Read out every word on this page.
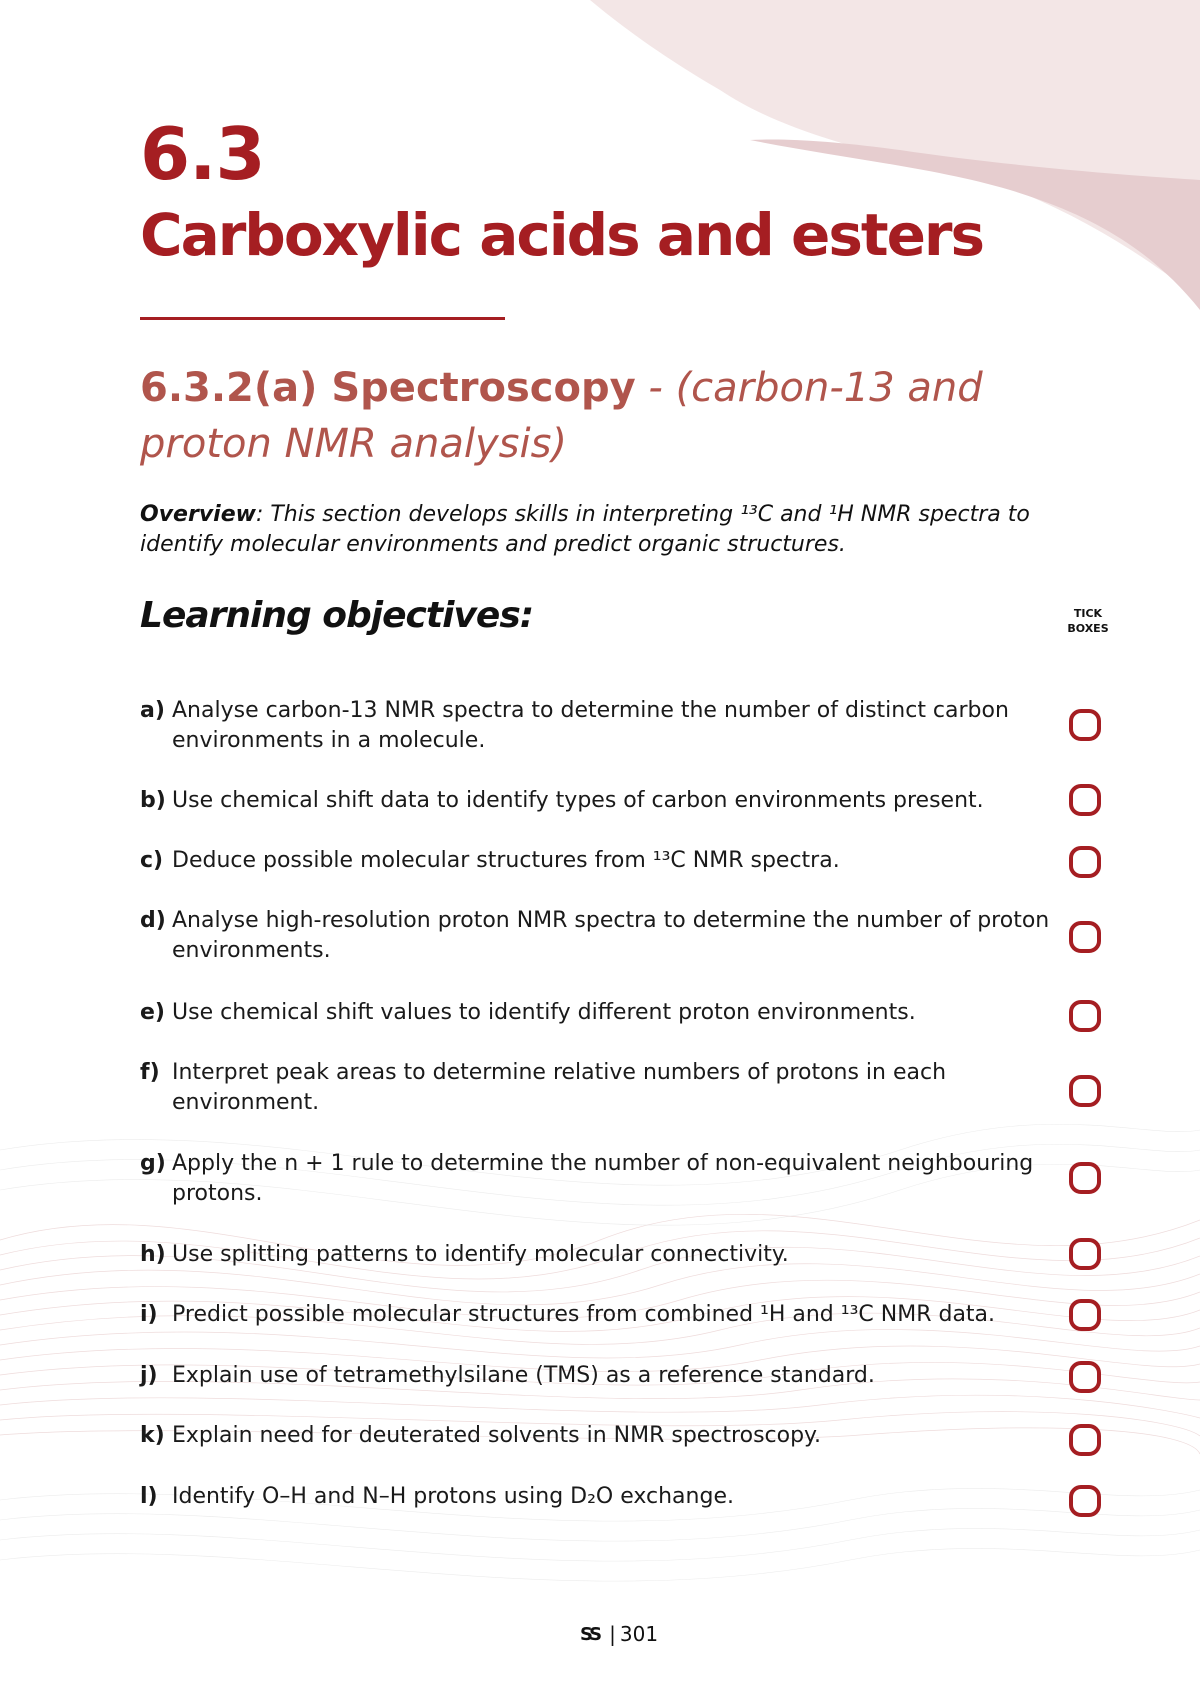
6.3
Carboxylic acids and esters
6.3.2(a) Spectroscopy - (carbon-13 and proton NMR analysis)
Overview: This section develops skills in interpreting ¹³C and ¹H NMR spectra to identify molecular environments and predict organic structures.
Learning objectives:	TICK
BOXES
a) Analyse carbon-13 NMR spectra to determine the number of distinct carbon environments in a molecule.
b) Use chemical shift data to identify types of carbon environments present.
c) Deduce possible molecular structures from ¹³C NMR spectra.
d) Analyse high-resolution proton NMR spectra to determine the number of proton environments.
e) Use chemical shift values to identify different proton environments.
f) Interpret peak areas to determine relative numbers of protons in each environment.
g) Apply the n + 1 rule to determine the number of non-equivalent neighbouring protons.
h) Use splitting patterns to identify molecular connectivity.
i) Predict possible molecular structures from combined ¹H and ¹³C NMR data.
j) Explain use of tetramethylsilane (TMS) as a reference standard.
k) Explain need for deuterated solvents in NMR spectroscopy.
l) Identify O–H and N–H protons using D₂O exchange.
SS | 301
